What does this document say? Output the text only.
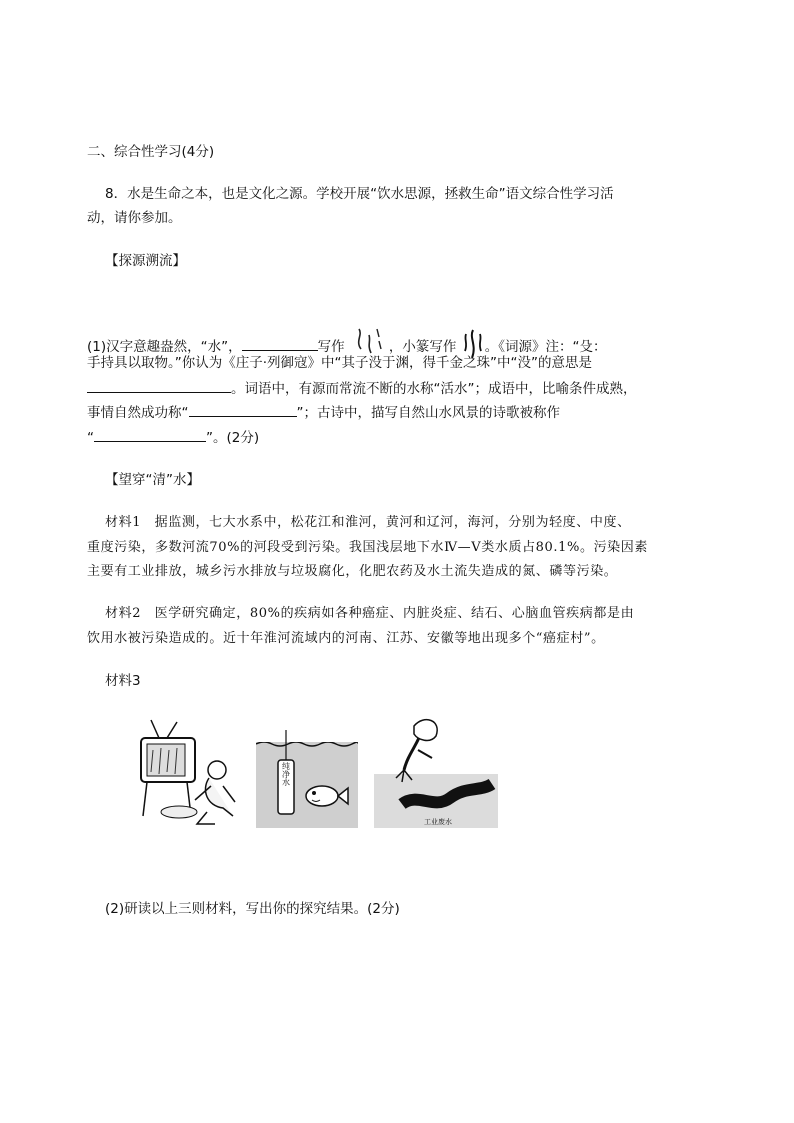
二、综合性学习(4分)
8．水是生命之本，也是文化之源。学校开展“饮水思源，拯救生命”语文综合性学习活
动，请你参加。
【探源溯流】
(1)汉字意趣盎然，“水”，	写作	，小篆写作 。《词源》注：“殳：
手持具以取物。”你认为《庄子·列御寇》中“其子没于渊，得千金之珠”中“没”的意思是
。词语中，有源而常流不断的水称“活水”；成语中，比喻条件成熟，
事情自然成功称“	”；古诗中，描写自然山水风景的诗歌被称作
“	”。(2分)
【望穿“清”水】
材料1　据监测，七大水系中，松花江和淮河，黄河和辽河，海河，分别为轻度、中度、
重度污染，多数河流70%的河段受到污染。我国浅层地下水Ⅳ—Ⅴ类水质占80.1%。污染因素
主要有工业排放，城乡污水排放与垃圾腐化，化肥农药及水土流失造成的氮、磷等污染。
材料2　医学研究确定，80%的疾病如各种癌症、内脏炎症、结石、心脑血管疾病都是由
饮用水被污染造成的。近十年淮河流域内的河南、江苏、安徽等地出现多个“癌症村”。
材料3
纯净水
工业废水
(2)研读以上三则材料，写出你的探究结果。(2分)
